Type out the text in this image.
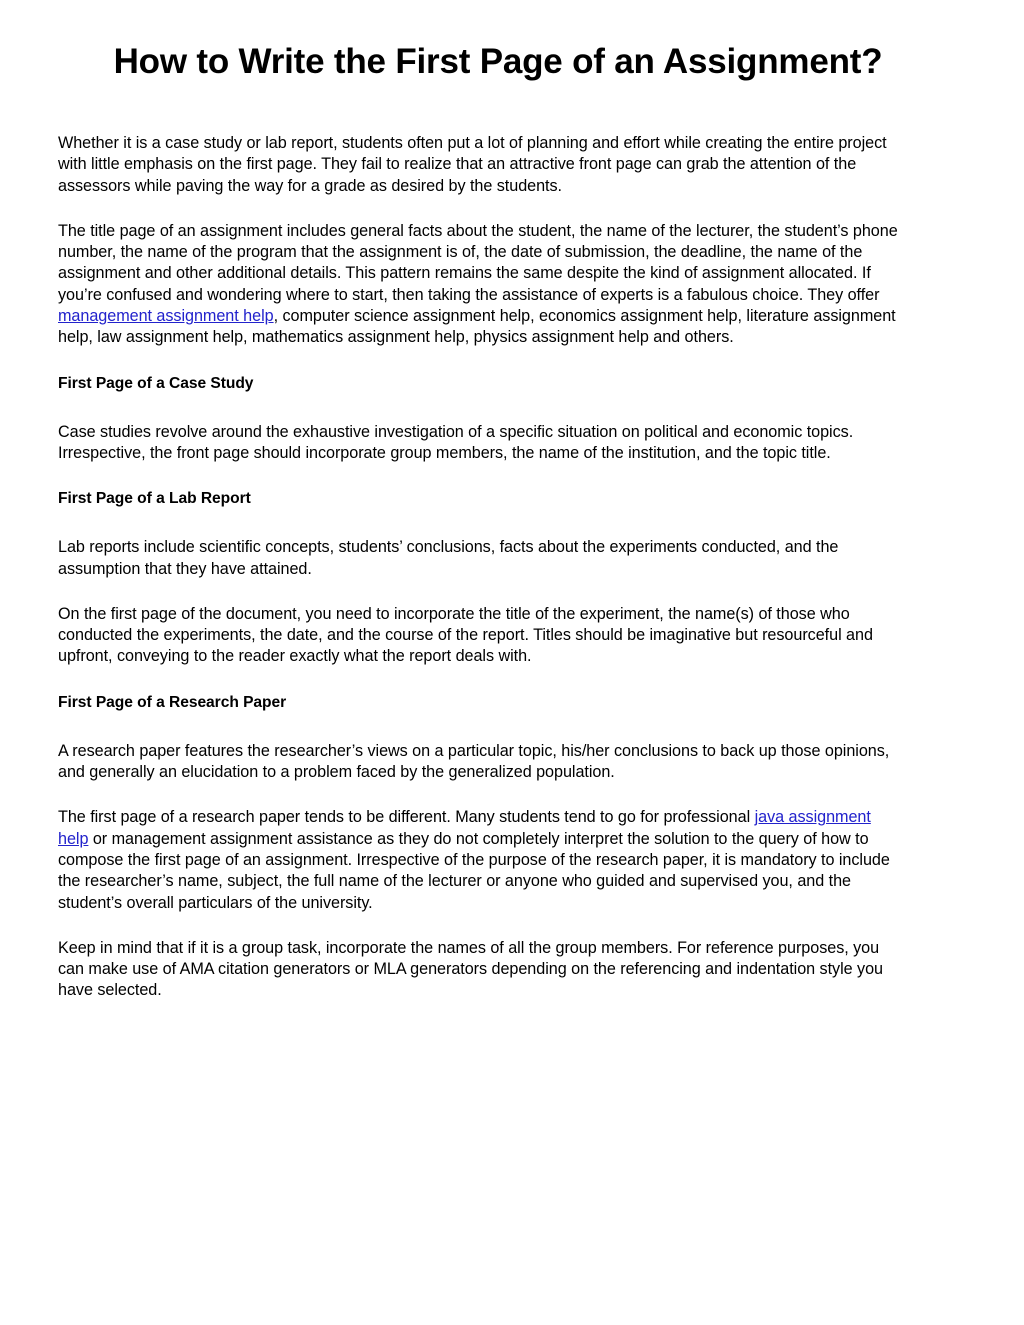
How to Write the First Page of an Assignment?

Whether it is a case study or lab report, students often put a lot of planning and effort while creating the entire project with little emphasis on the first page. They fail to realize that an attractive front page can grab the attention of the assessors while paving the way for a grade as desired by the students.

The title page of an assignment includes general facts about the student, the name of the lecturer, the student’s phone number, the name of the program that the assignment is of, the date of submission, the deadline, the name of the assignment and other additional details. This pattern remains the same despite the kind of assignment allocated. If you’re confused and wondering where to start, then taking the assistance of experts is a fabulous choice. They offer management assignment help, computer science assignment help, economics assignment help, literature assignment help, law assignment help, mathematics assignment help, physics assignment help and others.

First Page of a Case Study

Case studies revolve around the exhaustive investigation of a specific situation on political and economic topics. Irrespective, the front page should incorporate group members, the name of the institution, and the topic title.

First Page of a Lab Report

Lab reports include scientific concepts, students’ conclusions, facts about the experiments conducted, and the assumption that they have attained.

On the first page of the document, you need to incorporate the title of the experiment, the name(s) of those who conducted the experiments, the date, and the course of the report. Titles should be imaginative but resourceful and upfront, conveying to the reader exactly what the report deals with.

First Page of a Research Paper

A research paper features the researcher’s views on a particular topic, his/her conclusions to back up those opinions, and generally an elucidation to a problem faced by the generalized population.

The first page of a research paper tends to be different. Many students tend to go for professional java assignment help or management assignment assistance as they do not completely interpret the solution to the query of how to compose the first page of an assignment. Irrespective of the purpose of the research paper, it is mandatory to include the researcher’s name, subject, the full name of the lecturer or anyone who guided and supervised you, and the student’s overall particulars of the university.

Keep in mind that if it is a group task, incorporate the names of all the group members. For reference purposes, you can make use of AMA citation generators or MLA generators depending on the referencing and indentation style you have selected.
